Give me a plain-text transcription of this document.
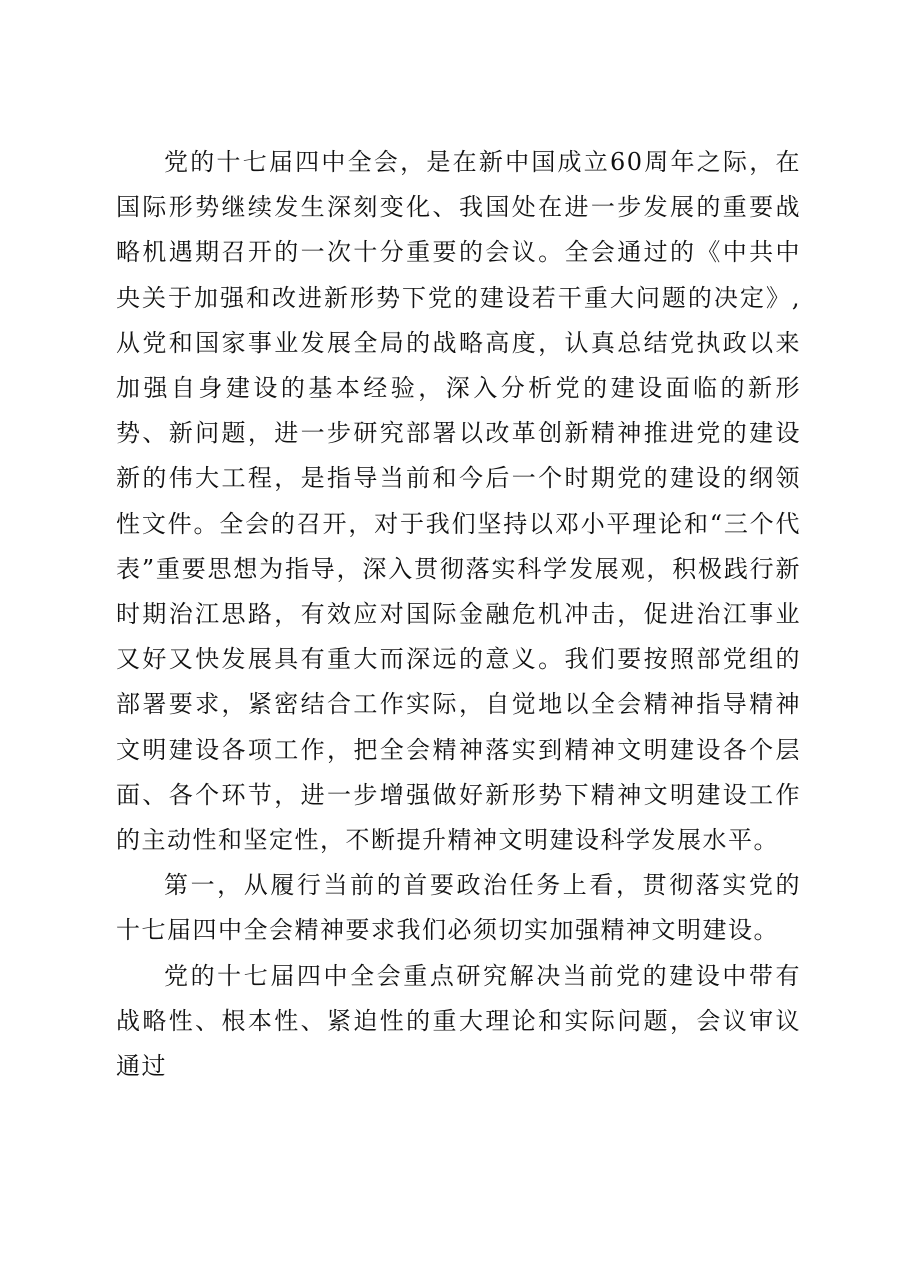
党的十七届四中全会，是在新中国成立60周年之际，在国际形势继续发生深刻变化、我国处在进一步发展的重要战略机遇期召开的一次十分重要的会议。全会通过的《中共中央关于加强和改进新形势下党的建设若干重大问题的决定》,从党和国家事业发展全局的战略高度，认真总结党执政以来加强自身建设的基本经验，深入分析党的建设面临的新形势、新问题，进一步研究部署以改革创新精神推进党的建设新的伟大工程，是指导当前和今后一个时期党的建设的纲领性文件。全会的召开，对于我们坚持以邓小平理论和“三个代表”重要思想为指导，深入贯彻落实科学发展观，积极践行新时期治江思路，有效应对国际金融危机冲击，促进治江事业又好又快发展具有重大而深远的意义。我们要按照部党组的部署要求，紧密结合工作实际，自觉地以全会精神指导精神文明建设各项工作，把全会精神落实到精神文明建设各个层面、各个环节，进一步增强做好新形势下精神文明建设工作的主动性和坚定性，不断提升精神文明建设科学发展水平。

第一，从履行当前的首要政治任务上看，贯彻落实党的十七届四中全会精神要求我们必须切实加强精神文明建设。

党的十七届四中全会重点研究解决当前党的建设中带有战略性、根本性、紧迫性的重大理论和实际问题，会议审议通过
